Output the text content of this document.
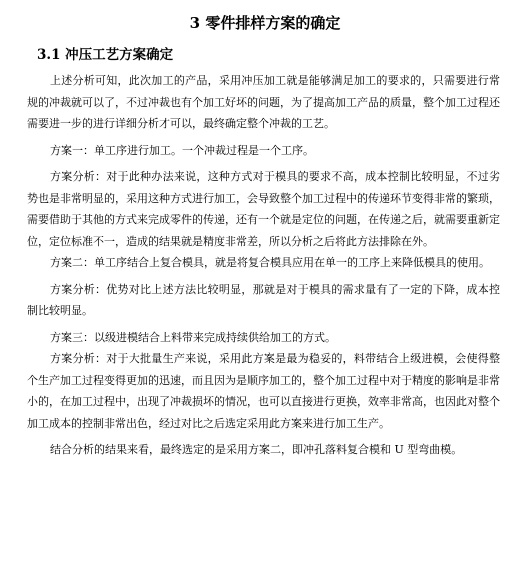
3 零件排样方案的确定
3.1 冲压工艺方案确定

上述分析可知，此次加工的产品，采用冲压加工就是能够满足加工的要求的，只需要进行常规的冲裁就可以了，不过冲裁也有个加工好坏的问题，为了提高加工产品的质量，整个加工过程还需要进一步的进行详细分析才可以，最终确定整个冲裁的工艺。

方案一：单工序进行加工。一个冲裁过程是一个工序。

方案分析：对于此种办法来说，这种方式对于模具的要求不高，成本控制比较明显，不过劣势也是非常明显的，采用这种方式进行加工，会导致整个加工过程中的传递环节变得非常的繁琐，需要借助于其他的方式来完成零件的传递，还有一个就是定位的问题，在传递之后，就需要重新定位，定位标准不一，造成的结果就是精度非常差，所以分析之后将此方法排除在外。

方案二：单工序结合上复合模具，就是将复合模具应用在单一的工序上来降低模具的使用。

方案分析：优势对比上述方法比较明显，那就是对于模具的需求量有了一定的下降，成本控制比较明显。

方案三：以级进模结合上料带来完成持续供给加工的方式。

方案分析：对于大批量生产来说，采用此方案是最为稳妥的，料带结合上级进模，会使得整个生产加工过程变得更加的迅速，而且因为是顺序加工的，整个加工过程中对于精度的影响是非常小的，在加工过程中，出现了冲裁损坏的情况，也可以直接进行更换，效率非常高，也因此对整个加工成本的控制非常出色，经过对比之后选定采用此方案来进行加工生产。

结合分析的结果来看，最终选定的是采用方案二，即冲孔落料复合模和 U 型弯曲模。
